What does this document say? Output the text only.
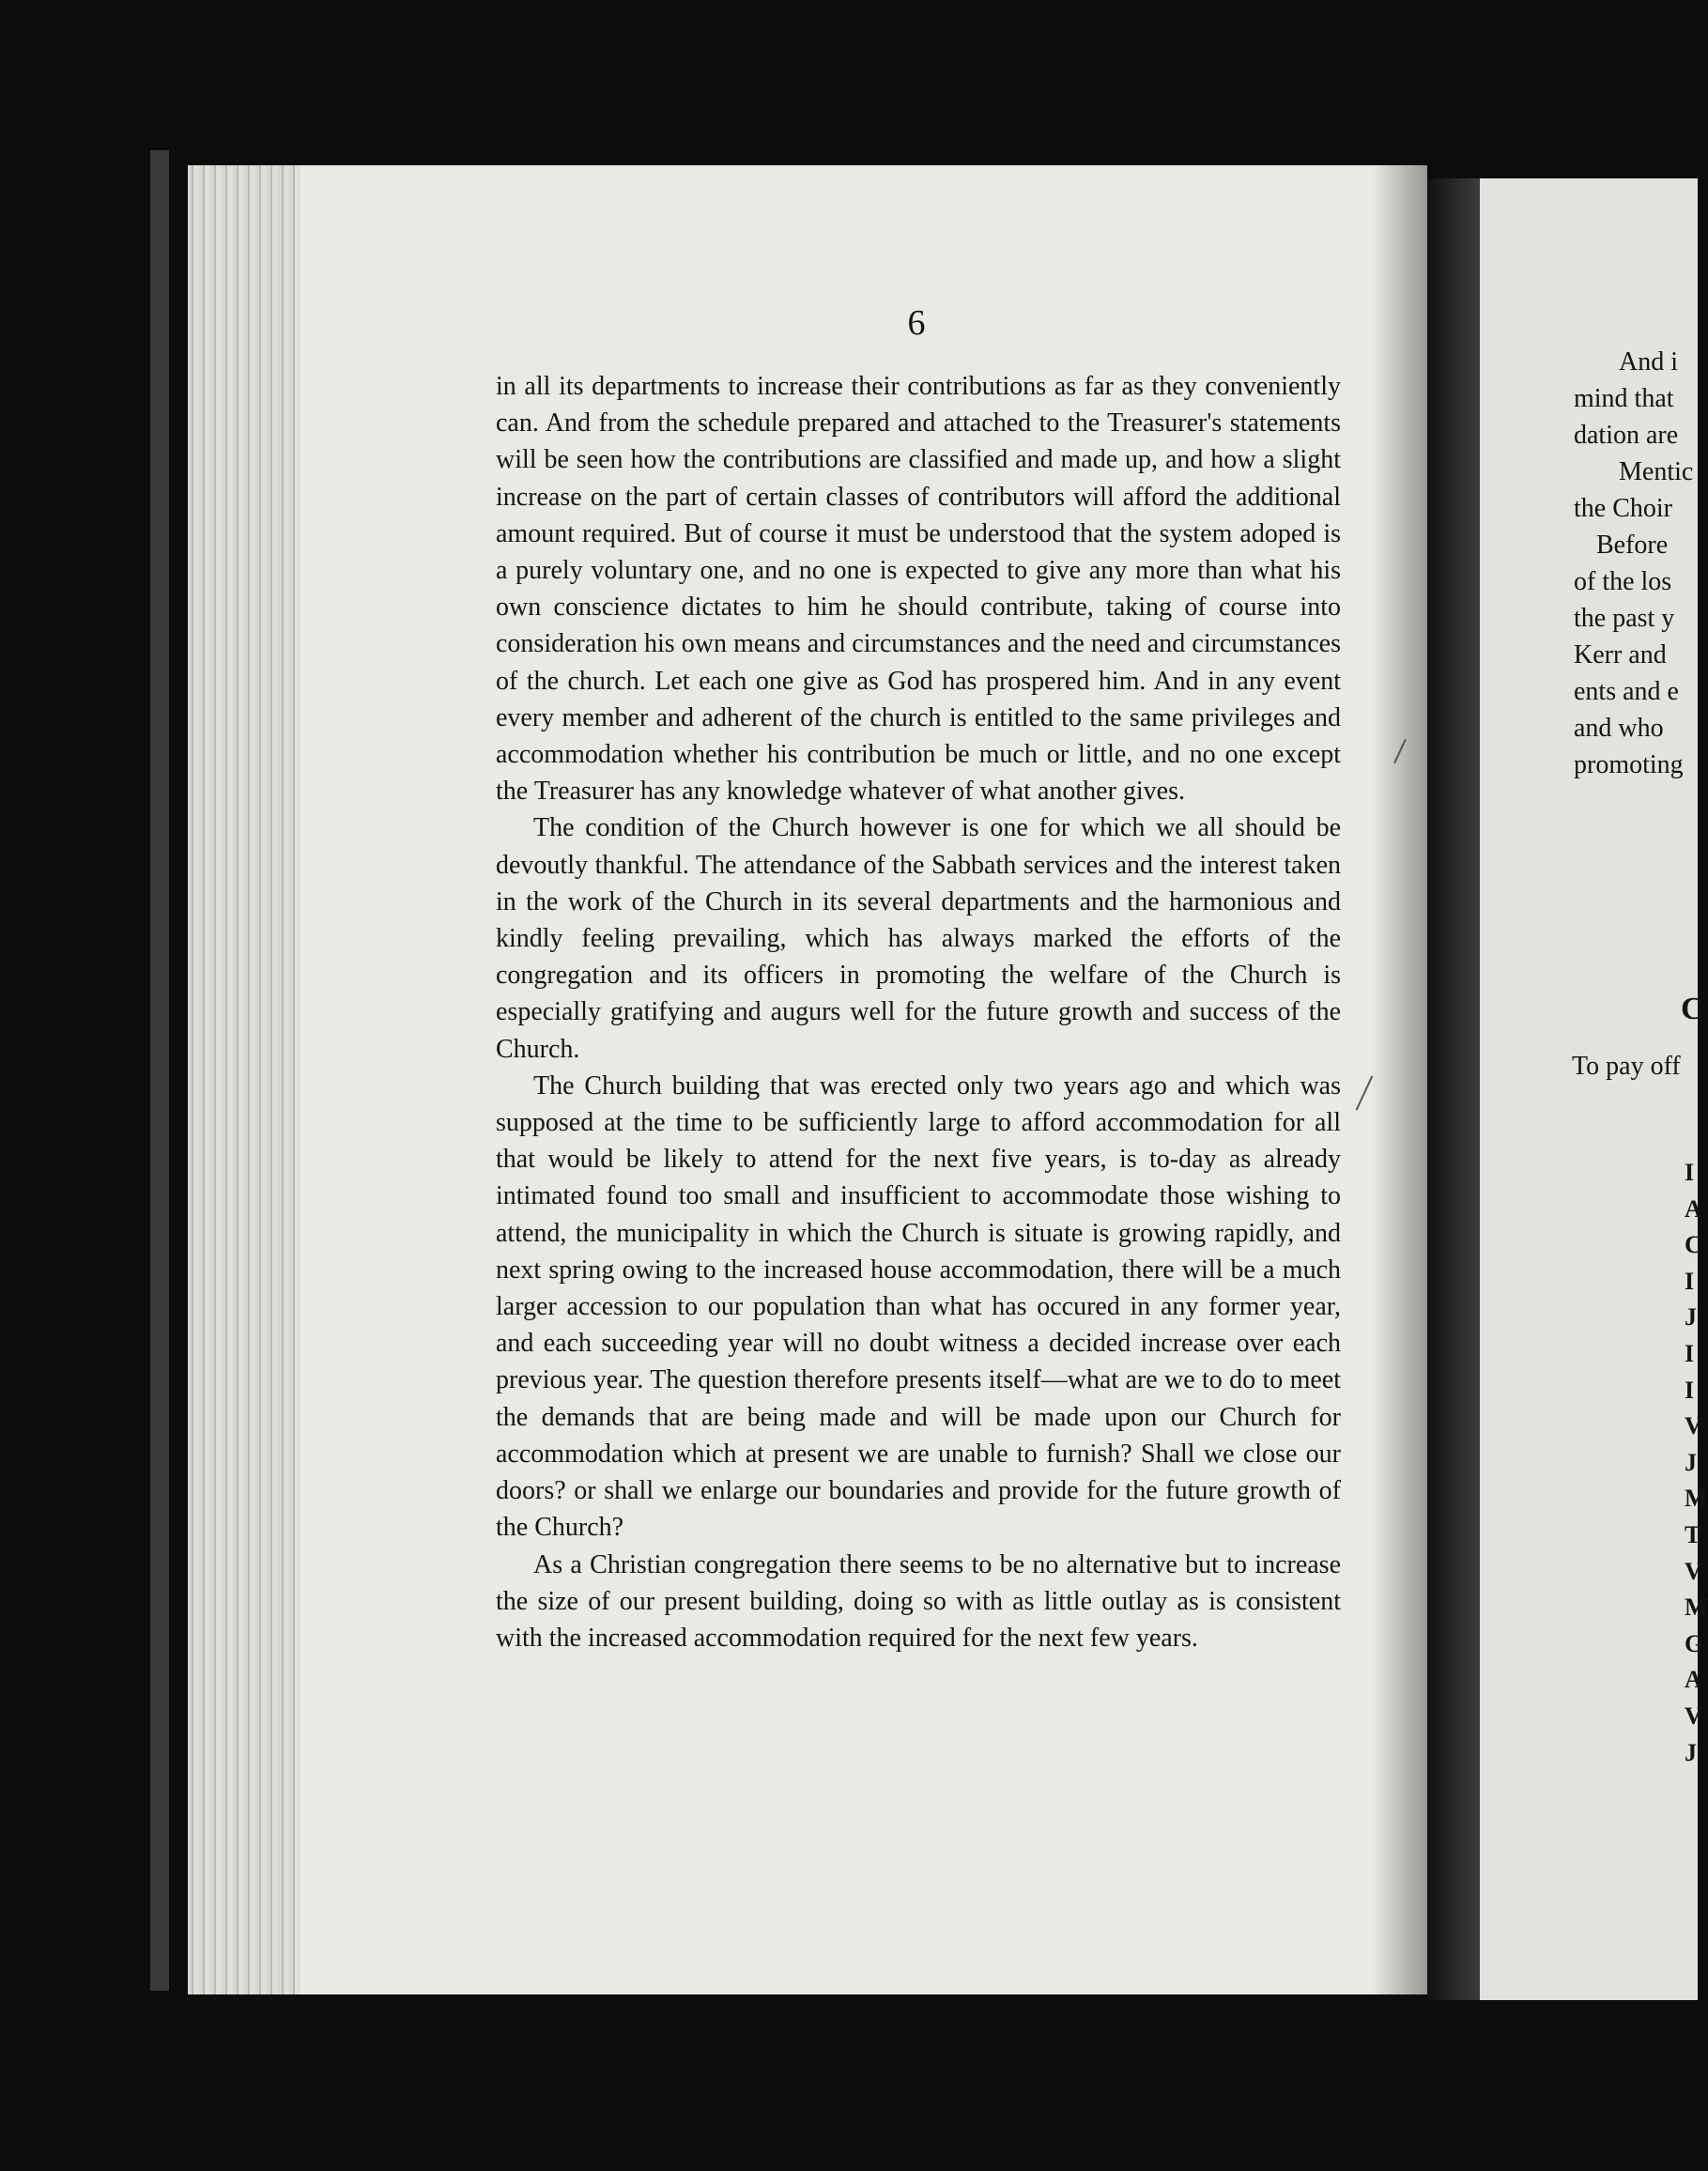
6

in all its departments to increase their contributions as far as they conveniently can. And from the schedule prepared and attached to the Treasurer's statements will be seen how the contributions are classified and made up, and how a slight increase on the part of certain classes of contributors will afford the additional amount required. But of course it must be understood that the system adoped is a purely voluntary one, and no one is expected to give any more than what his own conscience dictates to him he should contribute, taking of course into consideration his own means and circumstances and the need and circumstances of the church. Let each one give as God has prospered him. And in any event every member and adherent of the church is entitled to the same privileges and accommodation whether his contribution be much or little, and no one except the Treasurer has any knowledge whatever of what another gives.

The condition of the Church however is one for which we all should be devoutly thankful. The attendance of the Sabbath services and the interest taken in the work of the Church in its several departments and the harmonious and kindly feeling prevailing, which has always marked the efforts of the congregation and its officers in promoting the welfare of the Church is especially gratifying and augurs well for the future growth and success of the Church.

The Church building that was erected only two years ago and which was supposed at the time to be sufficiently large to afford accommodation for all that would be likely to attend for the next five years, is to-day as already intimated found too small and insufficient to accommodate those wishing to attend, the municipality in which the Church is situate is growing rapidly, and next spring owing to the increased house accommodation, there will be a much larger accession to our population than what has occured in any former year, and each succeeding year will no doubt witness a decided increase over each previous year. The question therefore presents itself—what are we to do to meet the demands that are being made and will be made upon our Church for accommodation which at present we are unable to furnish? Shall we close our doors? or shall we enlarge our boundaries and provide for the future growth of the Church?

As a Christian congregation there seems to be no alternative but to increase the size of our present building, doing so with as little outlay as is consistent with the increased accommodation required for the next few years.

And i
mind that
dation are
Mentic
the Choir
Before
of the los
the past y
Kerr and
ents and e
and who
promoting
C
To pay off
I
A
C
I
J
I
I
V
J
M
T
V
M
G
A
V
J
